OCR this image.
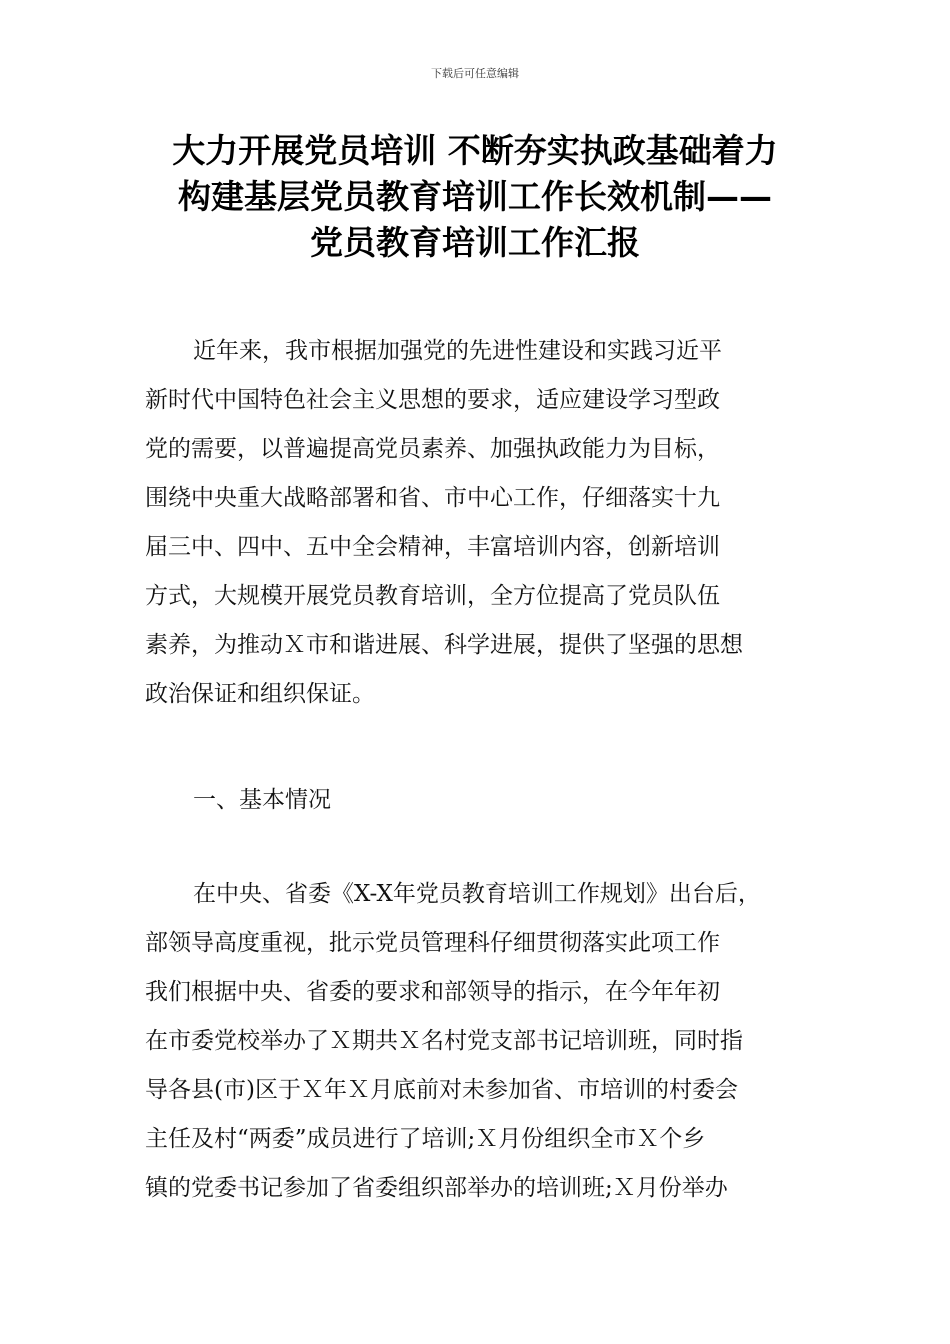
下载后可任意编辑
大力开展党员培训 不断夯实执政基础着力
构建基层党员教育培训工作长效机制——
党员教育培训工作汇报
近年来，我市根据加强党的先进性建设和实践习近平
新时代中国特色社会主义思想的要求，适应建设学习型政
党的需要，以普遍提高党员素养、加强执政能力为目标，
围绕中央重大战略部署和省、市中心工作，仔细落实十九
届三中、四中、五中全会精神，丰富培训内容，创新培训
方式，大规模开展党员教育培训，全方位提高了党员队伍
素养，为推动Ｘ市和谐进展、科学进展，提供了坚强的思想
政治保证和组织保证。
一、基本情况
在中央、省委《X-X年党员教育培训工作规划》出台后，
部领导高度重视，批示党员管理科仔细贯彻落实此项工作
我们根据中央、省委的要求和部领导的指示，在今年年初
在市委党校举办了Ｘ期共Ｘ名村党支部书记培训班，同时指
导各县(市)区于Ｘ年Ｘ月底前对未参加省、市培训的村委会
主任及村“两委”成员进行了培训;Ｘ月份组织全市Ｘ个乡
镇的党委书记参加了省委组织部举办的培训班;Ｘ月份举办
